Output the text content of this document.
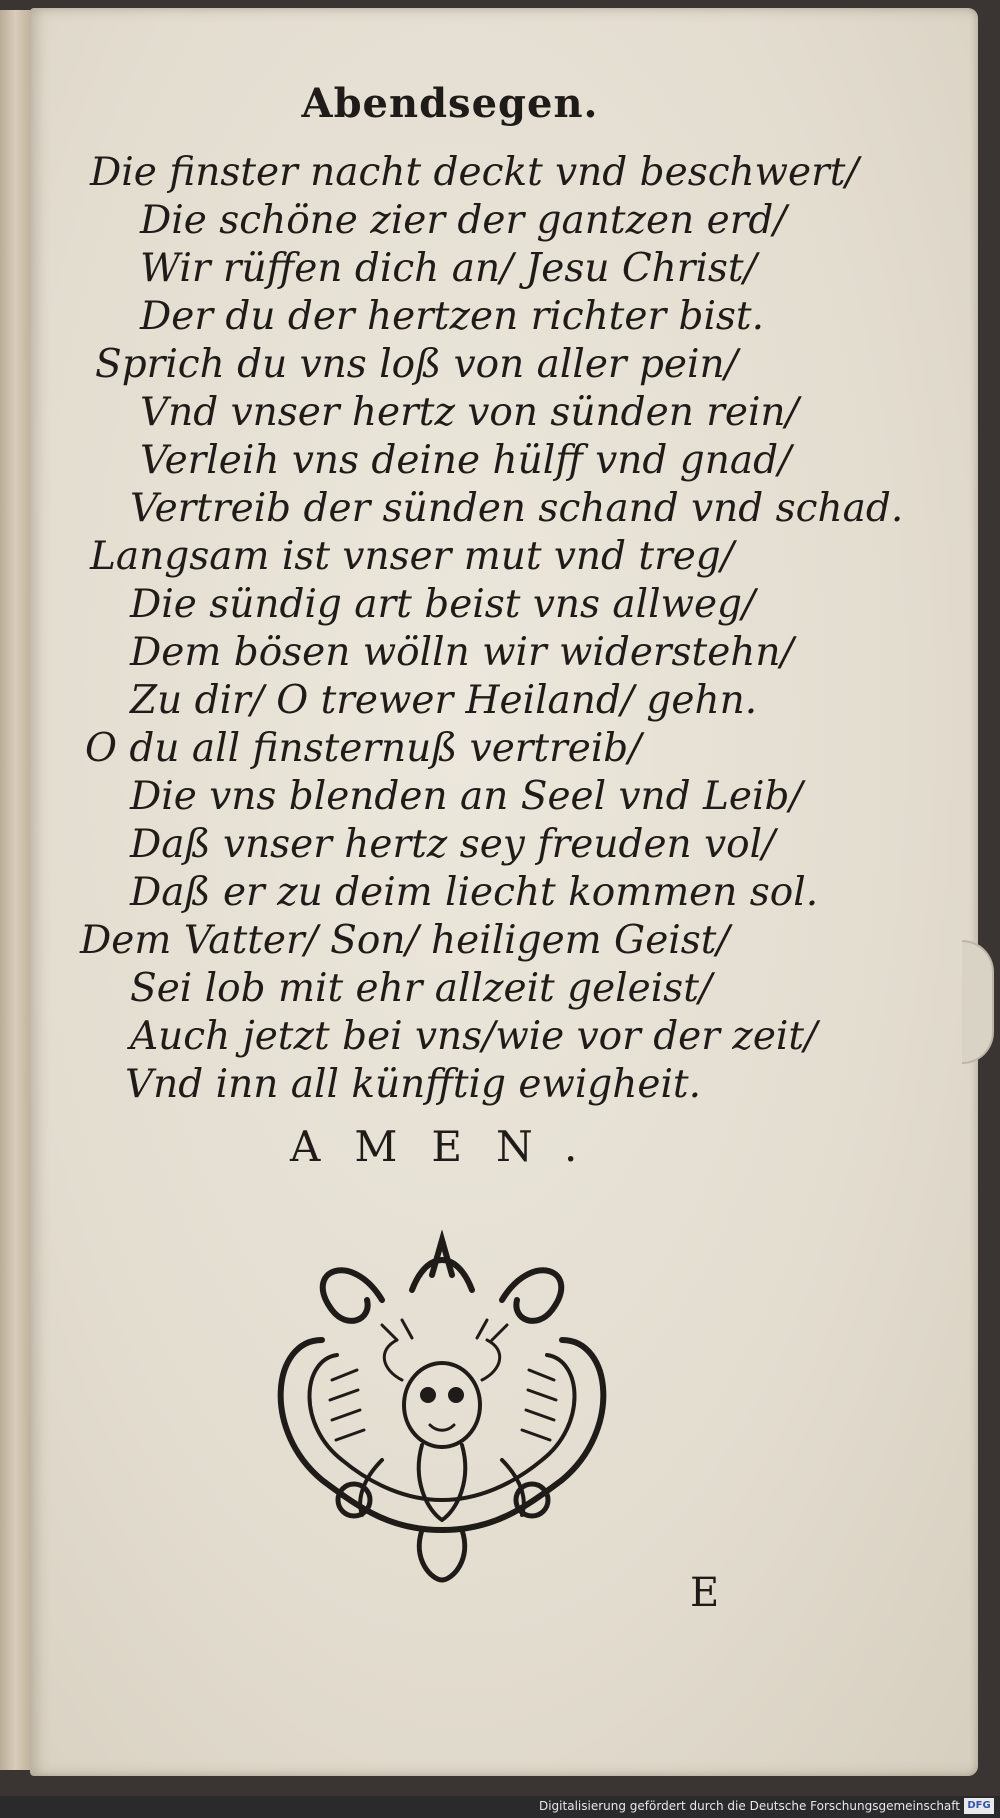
Abendsegen.
Die finster nacht deckt vnd beschwert/
Die schöne zier der gantzen erd/
Wir rüffen dich an/ Jesu Christ/
Der du der hertzen richter bist.
Sprich du vns loß von aller pein/
Vnd vnser hertz von sünden rein/
Verleih vns deine hülff vnd gnad/
Vertreib der sünden schand vnd schad.
Langsam ist vnser mut vnd treg/
Die sündig art beist vns allweg/
Dem bösen wölln wir widerstehn/
Zu dir/ O trewer Heiland/ gehn.
O du all finsternuß vertreib/
Die vns blenden an Seel vnd Leib/
Daß vnser hertz sey freuden vol/
Daß er zu deim liecht kommen sol.
Dem Vatter/ Son/ heiligem Geist/
Sei lob mit ehr allzeit geleist/
Auch jetzt bei vns/wie vor der zeit/
Vnd inn all künfftig ewigheit.
AMEN.
E
Digitalisierung gefördert durch die Deutsche Forschungsgemeinschaft DFG
